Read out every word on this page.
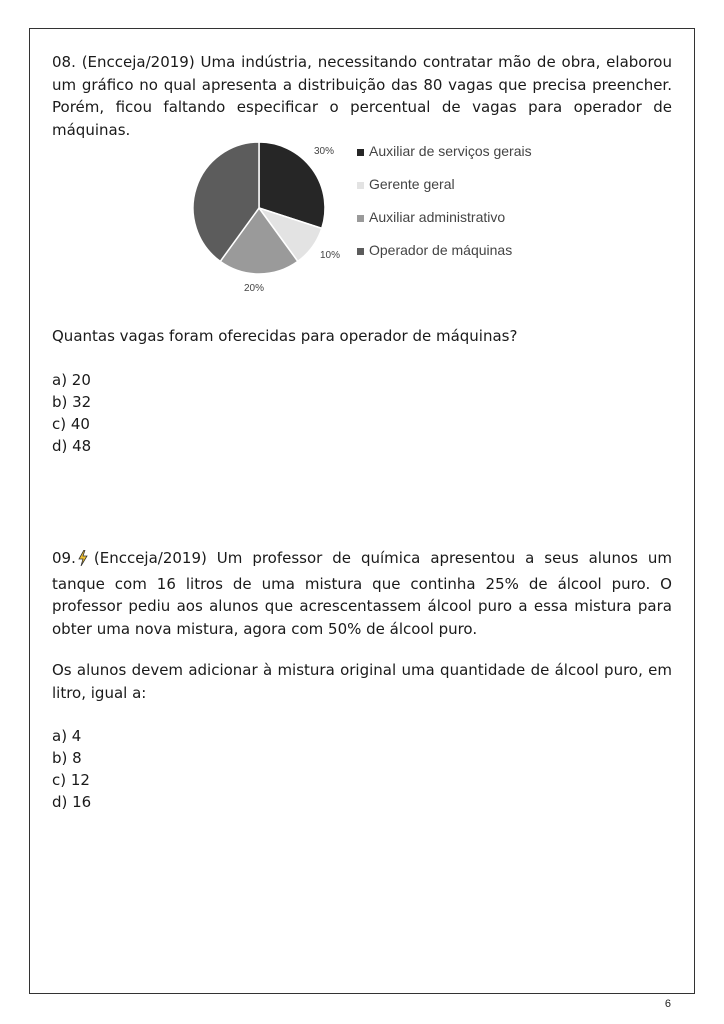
08. (Encceja/2019) Uma indústria, necessitando contratar mão de obra, elaborou um gráfico no qual apresenta a distribuição das 80 vagas que precisa preencher. Porém, ficou faltando especificar o percentual de vagas para operador de máquinas.

30%
10%
20%
Auxiliar de serviços gerais
Gerente geral
Auxiliar administrativo
Operador de máquinas

Quantas vagas foram oferecidas para operador de máquinas?

a) 20

b) 32

c) 40

d) 48

09. (Encceja/2019) Um professor de química apresentou a seus alunos um tanque com 16 litros de uma mistura que continha 25% de álcool puro. O professor pediu aos alunos que acrescentassem álcool puro a essa mistura para obter uma nova mistura, agora com 50% de álcool puro.

Os alunos devem adicionar à mistura original uma quantidade de álcool puro, em litro, igual a:

a) 4

b) 8

c) 12

d) 16

6
